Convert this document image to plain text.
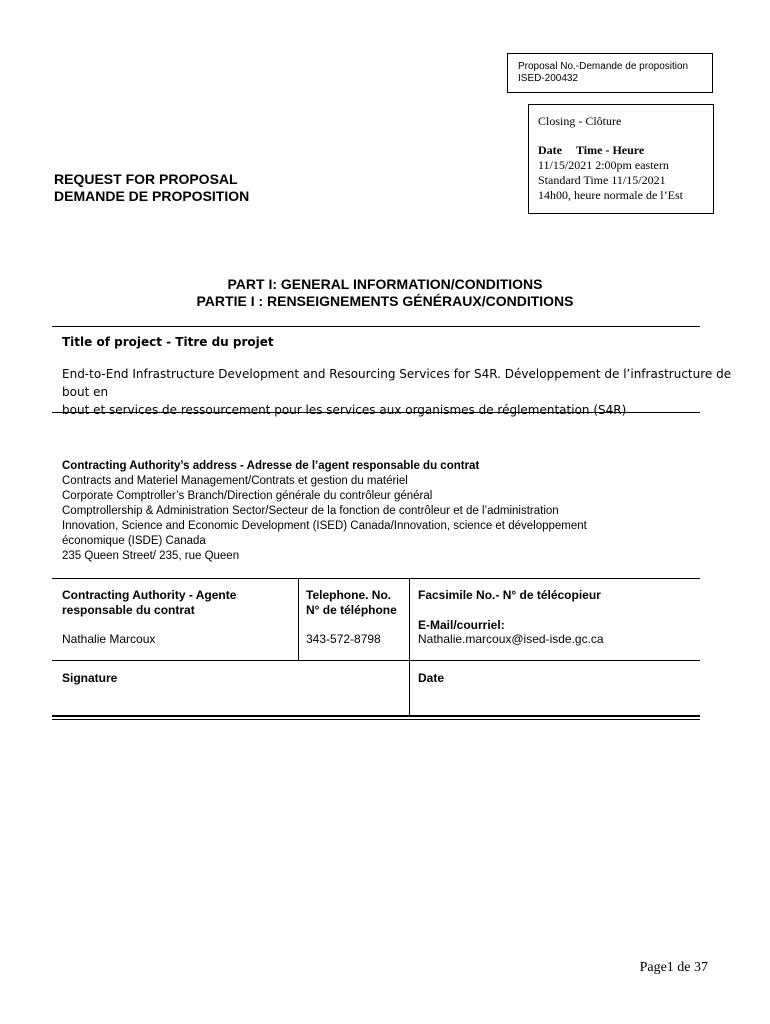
Proposal No.-Demande de proposition
ISED-200432
Closing - Clôture
Date Time - Heure
11/15/2021 2:00pm eastern
Standard Time 11/15/2021
14h00, heure normale de l’Est
REQUEST FOR PROPOSAL
DEMANDE DE PROPOSITION
PART I: GENERAL INFORMATION/CONDITIONS
PARTIE I : RENSEIGNEMENTS GÉNÉRAUX/CONDITIONS
Title of project - Titre du projet
End-to-End Infrastructure Development and Resourcing Services for S4R. Développement de l’infrastructure de bout en
bout et services de ressourcement pour les services aux organismes de réglementation (S4R)
Contracting Authority’s address - Adresse de l’agent responsable du contrat
Contracts and Materiel Management/Contrats et gestion du matériel
Corporate Comptroller’s Branch/Direction générale du contrôleur général
Comptrollership & Administration Sector/Secteur de la fonction de contrôleur et de l’administration
Innovation, Science and Economic Development (ISED) Canada/Innovation, science et développement
économique (ISDE) Canada
235 Queen Street/ 235, rue Queen
Contracting Authority - Agente
responsable du contrat
Nathalie Marcoux
Telephone. No.
N° de téléphone
343-572-8798
Facsimile No.- N° de télécopieur
E-Mail/courriel:
Nathalie.marcoux@ised-isde.gc.ca
Signature	Date
Page1 de 37
